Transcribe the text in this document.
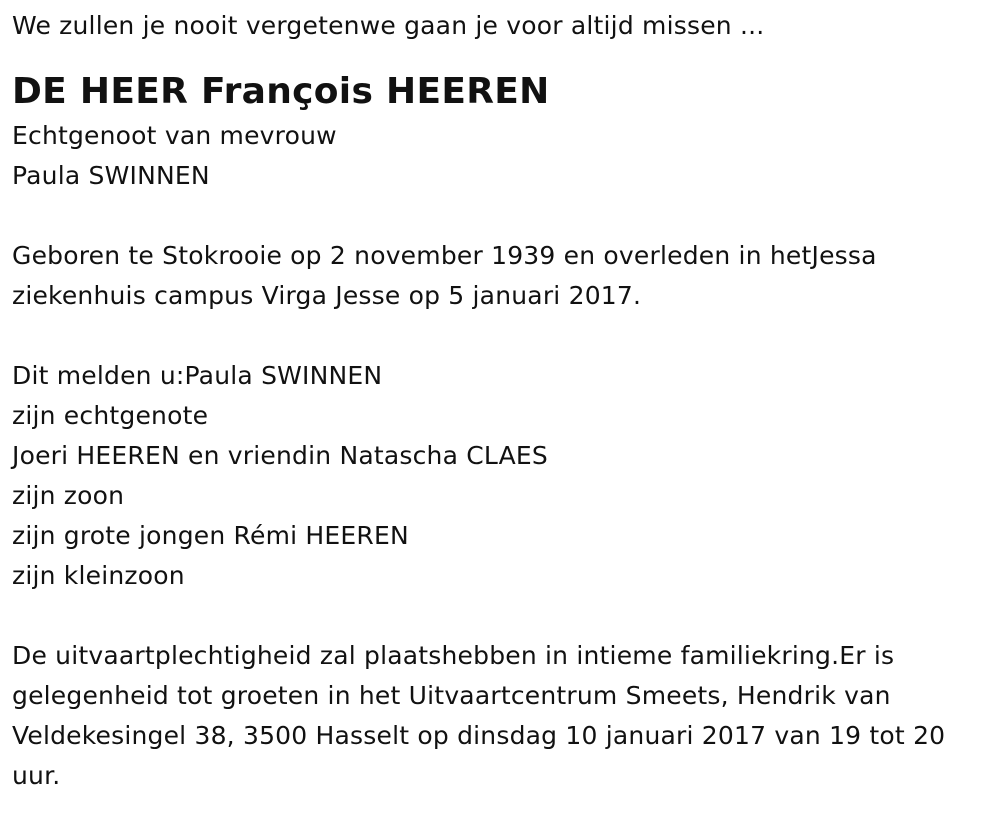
We zullen je nooit vergetenwe gaan je voor altijd missen ...
DE HEER François HEEREN
Echtgenoot van mevrouw
Paula SWINNEN
Geboren te Stokrooie op 2 november 1939 en overleden in hetJessa ziekenhuis campus Virga Jesse op 5 januari 2017.
Dit melden u:Paula SWINNEN
zijn echtgenote
Joeri HEEREN en vriendin Natascha CLAES
zijn zoon
zijn grote jongen Rémi HEEREN
zijn kleinzoon
De uitvaartplechtigheid zal plaatshebben in intieme familiekring.Er is gelegenheid tot groeten in het Uitvaartcentrum Smeets, Hendrik van Veldekesingel 38, 3500 Hasselt op dinsdag 10 januari 2017 van 19 tot 20 uur.
